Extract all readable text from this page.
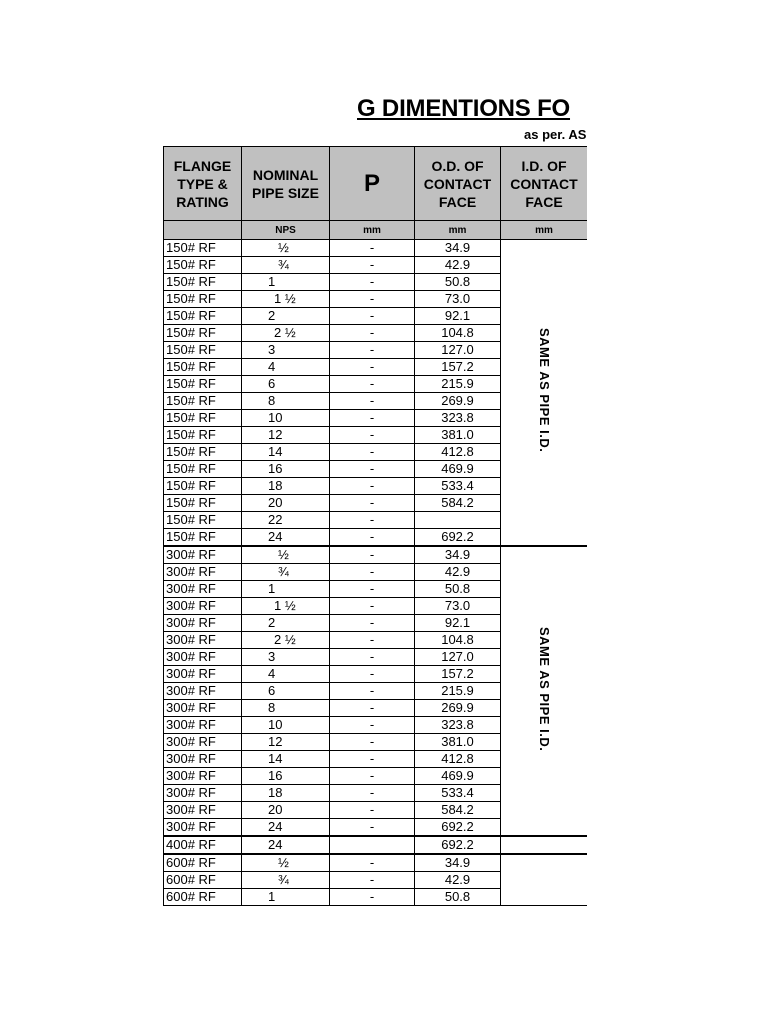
G DIMENTIONS FO
as per. AS
FLANGE TYPE & RATING	NOMINAL PIPE SIZE	P	O.D. OF CONTACT FACE	I.D. OF CONTACT FACE
	NPS	mm	mm	mm
150# RF	½	-	34.9	SAME AS PIPE I.D.
150# RF	¾	-	42.9	
150# RF	1	-	50.8	
150# RF	1 ½	-	73.0	
150# RF	2	-	92.1	
150# RF	2 ½	-	104.8	
150# RF	3	-	127.0	
150# RF	4	-	157.2	
150# RF	6	-	215.9	
150# RF	8	-	269.9	
150# RF	10	-	323.8	
150# RF	12	-	381.0	
150# RF	14	-	412.8	
150# RF	16	-	469.9	
150# RF	18	-	533.4	
150# RF	20	-	584.2	
150# RF	22	-		
150# RF	24	-	692.2	
300# RF	½	-	34.9	SAME AS PIPE I.D.
300# RF	¾	-	42.9	
300# RF	1	-	50.8	
300# RF	1 ½	-	73.0	
300# RF	2	-	92.1	
300# RF	2 ½	-	104.8	
300# RF	3	-	127.0	
300# RF	4	-	157.2	
300# RF	6	-	215.9	
300# RF	8	-	269.9	
300# RF	10	-	323.8	
300# RF	12	-	381.0	
300# RF	14	-	412.8	
300# RF	16	-	469.9	
300# RF	18	-	533.4	
300# RF	20	-	584.2	
300# RF	24	-	692.2	
400# RF	24		692.2	
600# RF	½	-	34.9	
600# RF	¾	-	42.9	
600# RF	1	-	50.8	
